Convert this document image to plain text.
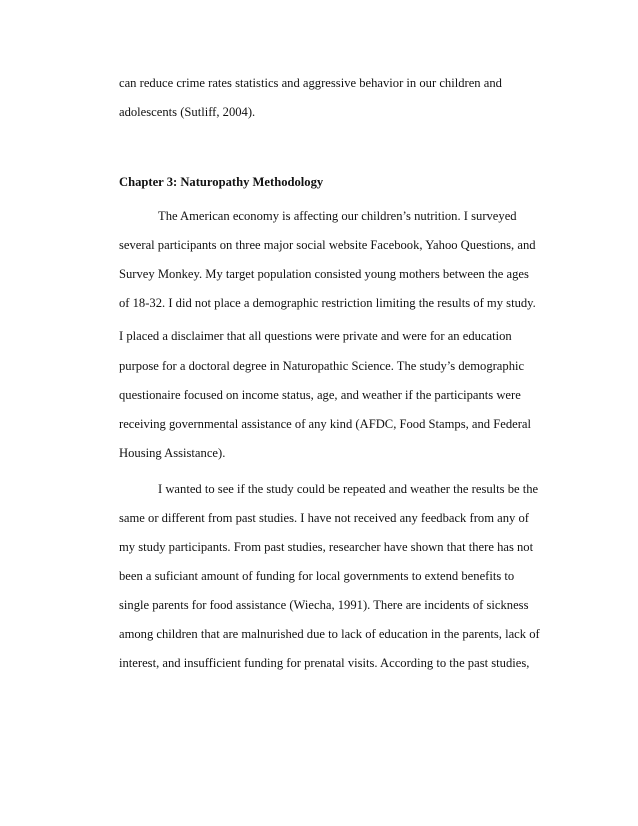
can reduce crime rates statistics and aggressive behavior in our children and
adolescents (Sutliff, 2004).
Chapter 3: Naturopathy Methodology
The American economy is affecting our children’s nutrition. I surveyed
several participants on three major social website Facebook, Yahoo Questions, and
Survey Monkey. My target population consisted young mothers between the ages
of 18-32. I did not place a demographic restriction limiting the results of my study.
I placed a disclaimer that all questions were private and were for an education
purpose for a doctoral degree in Naturopathic Science. The study’s demographic
questionaire focused on income status, age, and weather if the participants were
receiving governmental assistance of any kind (AFDC, Food Stamps, and Federal
Housing Assistance).
I wanted to see if the study could be repeated and weather the results be the
same or different from past studies. I have not received any feedback from any of
my study participants. From past studies, researcher have shown that there has not
been a suficiant amount of funding for local governments to extend benefits to
single parents for food assistance (Wiecha, 1991). There are incidents of sickness
among children that are malnurished due to lack of education in the parents, lack of
interest, and insufficient funding for prenatal visits. According to the past studies,
